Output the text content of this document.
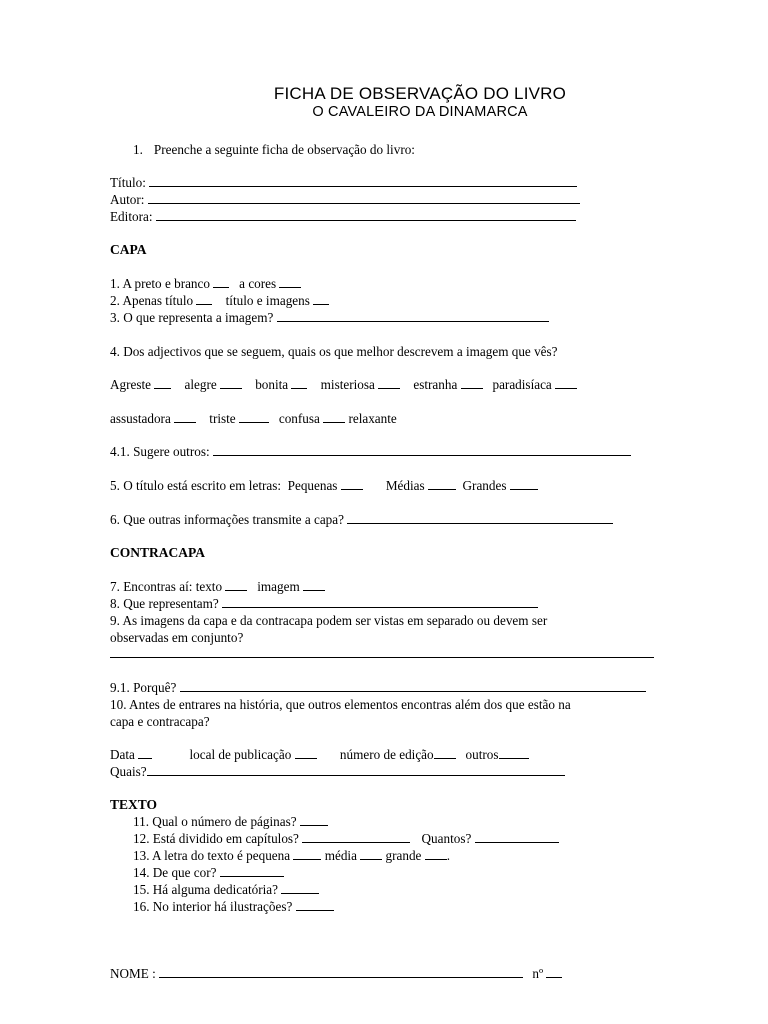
FICHA DE OBSERVAÇÃO DO LIVRO
O CAVALEIRO DA DINAMARCA
1. Preenche a seguinte ficha de observação do livro:
Título:
Autor:
Editora:
CAPA
1. A preto e branco a cores
2. Apenas título título e imagens
3. O que representa a imagem?
4. Dos adjectivos que se seguem, quais os que melhor descrevem a imagem que vês?
Agreste	alegre	bonita misteriosa	estranha	paradisíaca
assustadora	triste	confusa relaxante
4.1. Sugere outros:
5. O título está escrito em letras: Pequenas	Médias	Grandes
6. Que outras informações transmite a capa?
CONTRACAPA
7. Encontras aí: texto	imagem
8. Que representam?
9. As imagens da capa e da contracapa podem ser vistas em separado ou devem ser
observadas em conjunto?
9.1. Porquê?
10. Antes de entrares na história, que outros elementos encontras além dos que estão na
capa e contracapa?
Data	local de publicação	número de edição outros
Quais?
TEXTO
11. Qual o número de páginas?
12. Está dividido em capítulos?	Quantos?
13. A letra do texto é pequena	média grande .
14. De que cor?
15. Há alguma dedicatória?
16. No interior há ilustrações?
NOME :	nº
